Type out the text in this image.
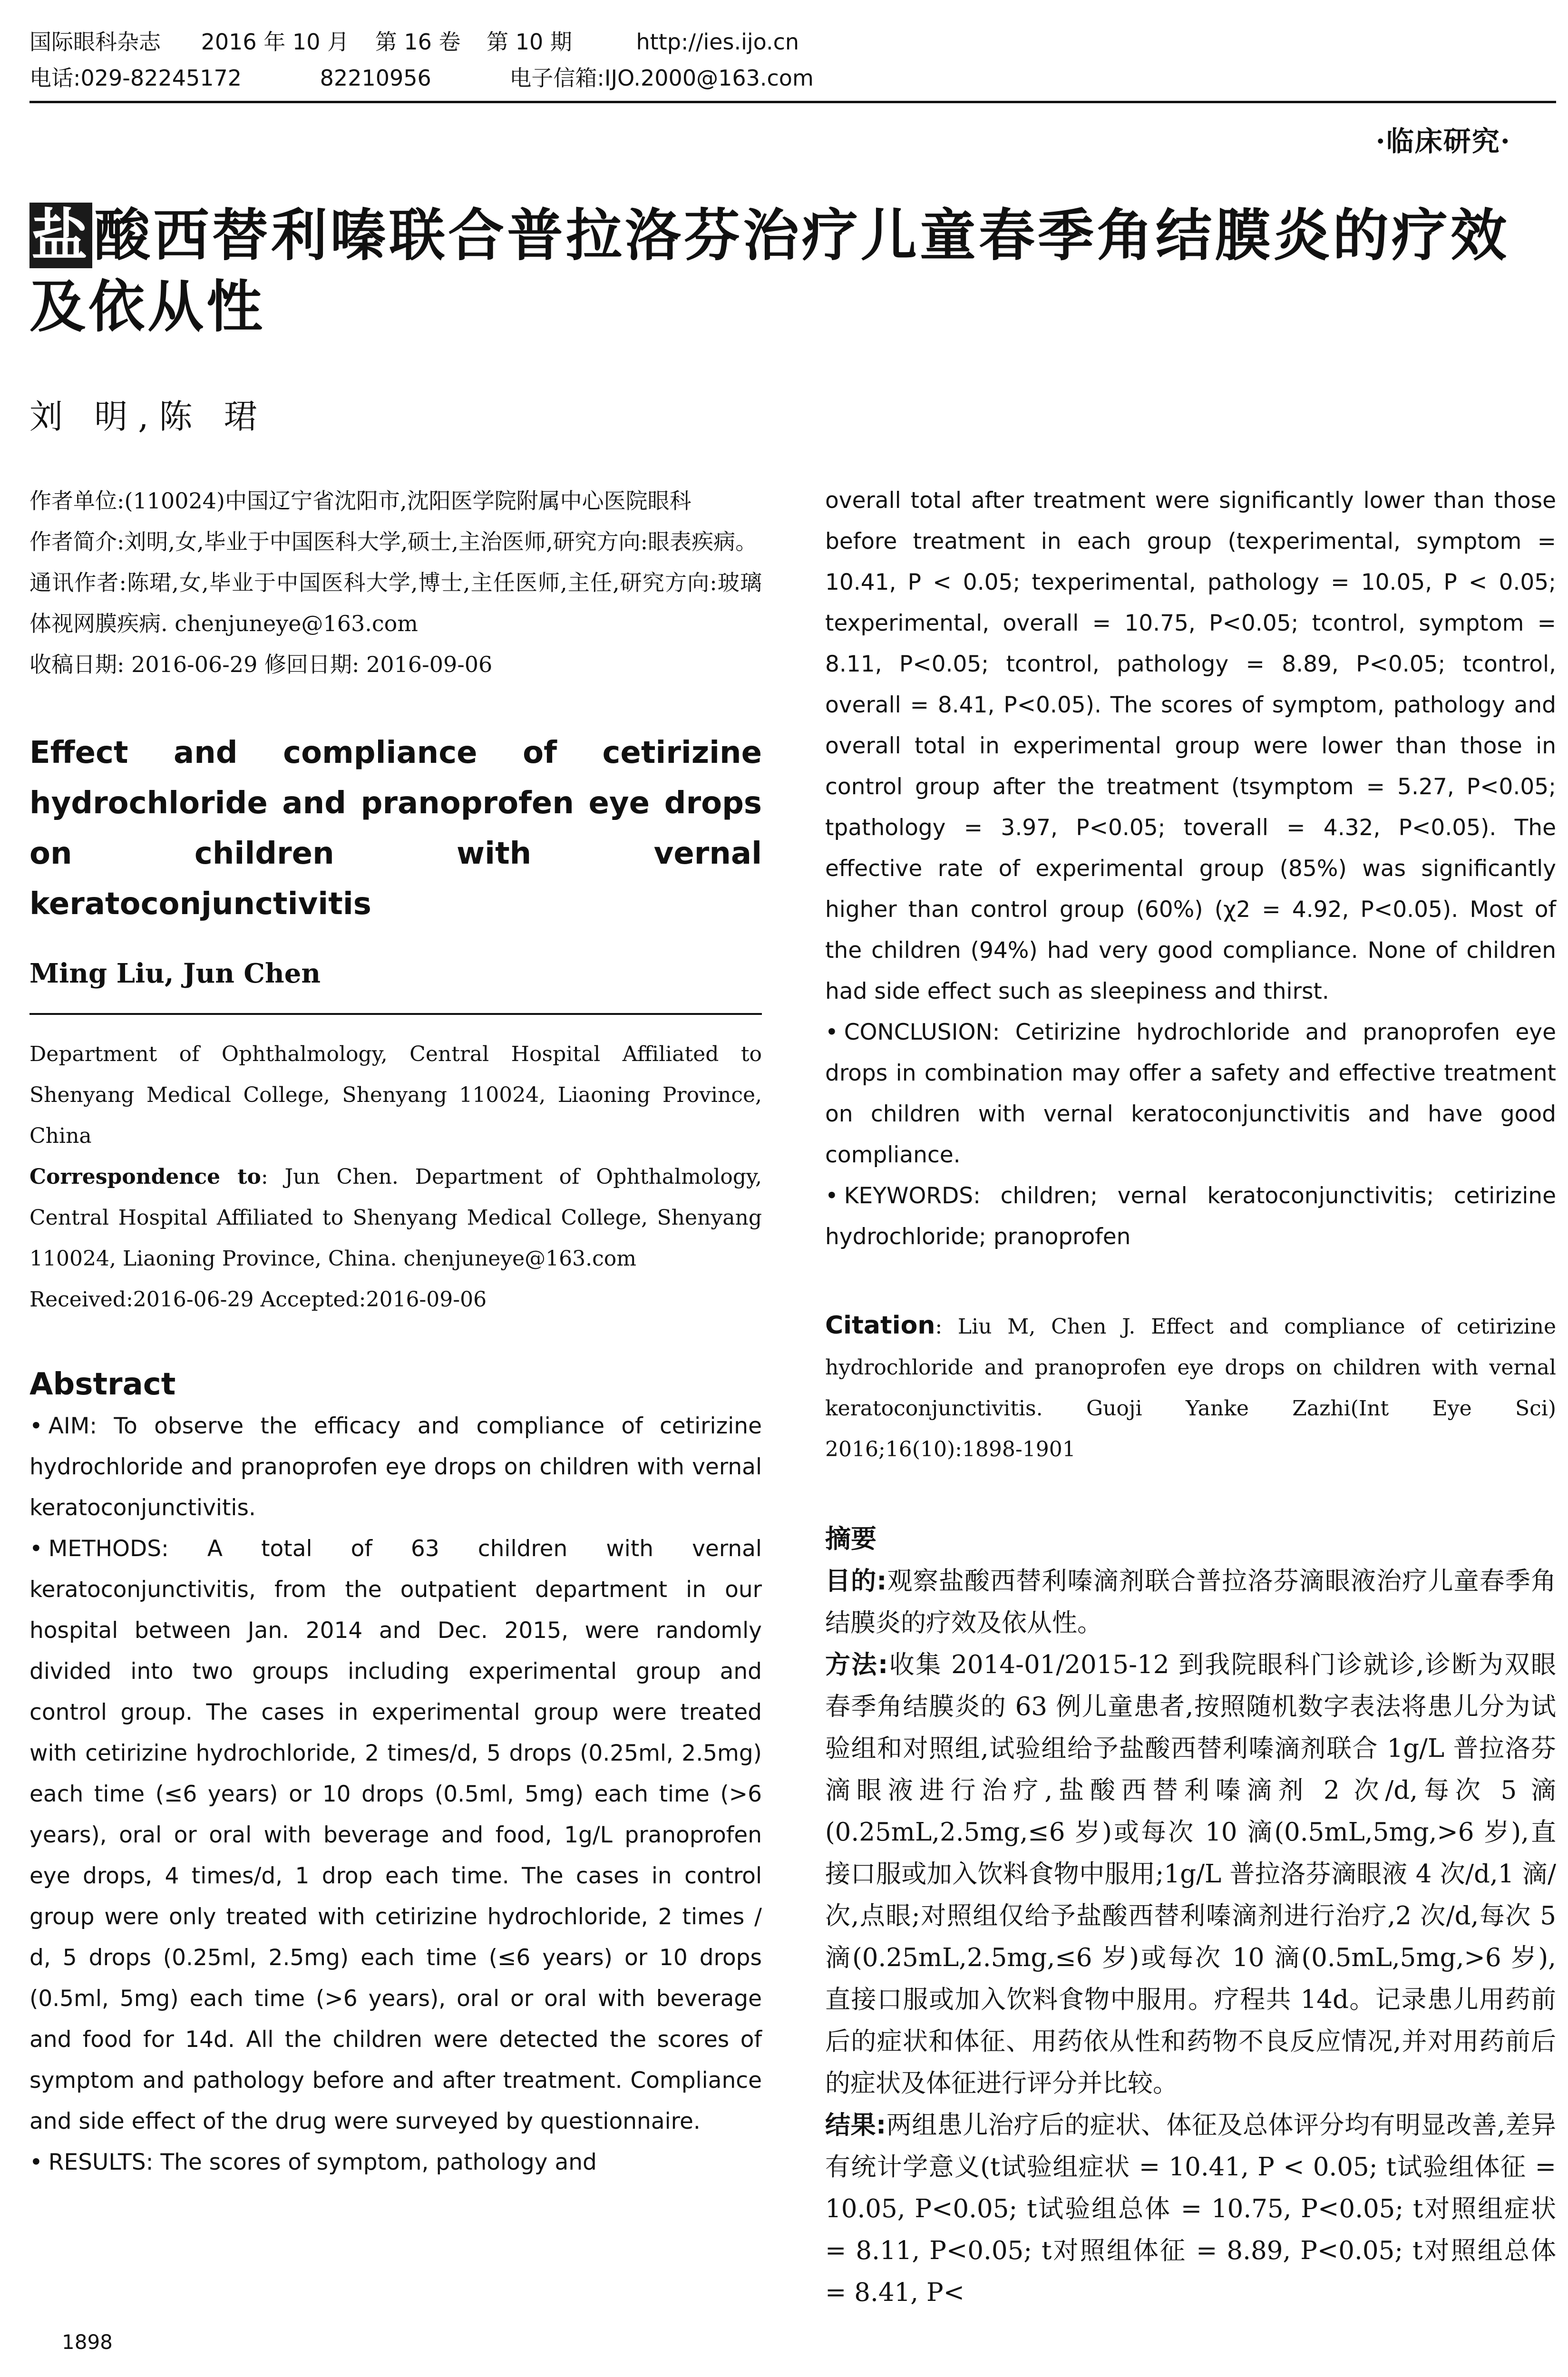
国际眼科杂志 2016 年 10 月 第 16 卷 第 10 期	http://ies.ijo.cn
电话:029-82245172	82210956	电子信箱:IJO.2000@163.com
·临床研究·
盐酸西替利嗪联合普拉洛芬治疗儿童春季角结膜炎的疗效及依从性
刘 明,陈 珺

作者单位:(110024)中国辽宁省沈阳市,沈阳医学院附属中心医院眼科

作者简介:刘明,女,毕业于中国医科大学,硕士,主治医师,研究方向:眼表疾病。

通讯作者:陈珺,女,毕业于中国医科大学,博士,主任医师,主任,研究方向:玻璃体视网膜疾病. chenjuneye@163.com

收稿日期: 2016-06-29 修回日期: 2016-09-06

Effect and compliance of cetirizine hydrochloride and pranoprofen eye drops on children with vernal keratoconjunctivitis
Ming Liu, Jun Chen

Department of Ophthalmology, Central Hospital Affiliated to Shenyang Medical College, Shenyang 110024, Liaoning Province, China

Correspondence to: Jun Chen. Department of Ophthalmology, Central Hospital Affiliated to Shenyang Medical College, Shenyang 110024, Liaoning Province, China. chenjuneye@163.com

Received:2016-06-29 Accepted:2016-09-06

Abstract

• AIM: To observe the efficacy and compliance of cetirizine hydrochloride and pranoprofen eye drops on children with vernal keratoconjunctivitis.

• METHODS: A total of 63 children with vernal keratoconjunctivitis, from the outpatient department in our hospital between Jan. 2014 and Dec. 2015, were randomly divided into two groups including experimental group and control group. The cases in experimental group were treated with cetirizine hydrochloride, 2 times/d, 5 drops (0.25ml, 2.5mg) each time (≤6 years) or 10 drops (0.5ml, 5mg) each time (>6 years), oral or oral with beverage and food, 1g/L pranoprofen eye drops, 4 times/d, 1 drop each time. The cases in control group were only treated with cetirizine hydrochloride, 2 times / d, 5 drops (0.25ml, 2.5mg) each time (≤6 years) or 10 drops (0.5ml, 5mg) each time (>6 years), oral or oral with beverage and food for 14d. All the children were detected the scores of symptom and pathology before and after treatment. Compliance and side effect of the drug were surveyed by questionnaire.

• RESULTS: The scores of symptom, pathology and

overall total after treatment were significantly lower than those before treatment in each group (texperimental, symptom = 10.41, P < 0.05; texperimental, pathology = 10.05, P < 0.05; texperimental, overall = 10.75, P<0.05; tcontrol, symptom = 8.11, P<0.05; tcontrol, pathology = 8.89, P<0.05; tcontrol, overall = 8.41, P<0.05). The scores of symptom, pathology and overall total in experimental group were lower than those in control group after the treatment (tsymptom = 5.27, P<0.05; tpathology = 3.97, P<0.05; toverall = 4.32, P<0.05). The effective rate of experimental group (85%) was significantly higher than control group (60%) (χ2 = 4.92, P<0.05). Most of the children (94%) had very good compliance. None of children had side effect such as sleepiness and thirst.

• CONCLUSION: Cetirizine hydrochloride and pranoprofen eye drops in combination may offer a safety and effective treatment on children with vernal keratoconjunctivitis and have good compliance.

• KEYWORDS: children; vernal keratoconjunctivitis; cetirizine hydrochloride; pranoprofen

Citation: Liu M, Chen J. Effect and compliance of cetirizine hydrochloride and pranoprofen eye drops on children with vernal keratoconjunctivitis. Guoji Yanke Zazhi(Int Eye Sci) 2016;16(10):1898-1901
摘要

目的:观察盐酸西替利嗪滴剂联合普拉洛芬滴眼液治疗儿童春季角结膜炎的疗效及依从性。

方法:收集 2014-01/2015-12 到我院眼科门诊就诊,诊断为双眼春季角结膜炎的 63 例儿童患者,按照随机数字表法将患儿分为试验组和对照组,试验组给予盐酸西替利嗪滴剂联合 1g/L 普拉洛芬滴眼液进行治疗,盐酸西替利嗪滴剂 2 次/d,每次 5 滴(0.25mL,2.5mg,≤6 岁)或每次 10 滴(0.5mL,5mg,>6 岁),直接口服或加入饮料食物中服用;1g/L 普拉洛芬滴眼液 4 次/d,1 滴/次,点眼;对照组仅给予盐酸西替利嗪滴剂进行治疗,2 次/d,每次 5 滴(0.25mL,2.5mg,≤6 岁)或每次 10 滴(0.5mL,5mg,>6 岁),直接口服或加入饮料食物中服用。疗程共 14d。记录患儿用药前后的症状和体征、用药依从性和药物不良反应情况,并对用药前后的症状及体征进行评分并比较。

结果:两组患儿治疗后的症状、体征及总体评分均有明显改善,差异有统计学意义(t试验组症状 = 10.41, P < 0.05; t试验组体征 = 10.05, P<0.05; t试验组总体 = 10.75, P<0.05; t对照组症状 = 8.11, P<0.05; t对照组体征 = 8.89, P<0.05; t对照组总体 = 8.41, P<

1898
